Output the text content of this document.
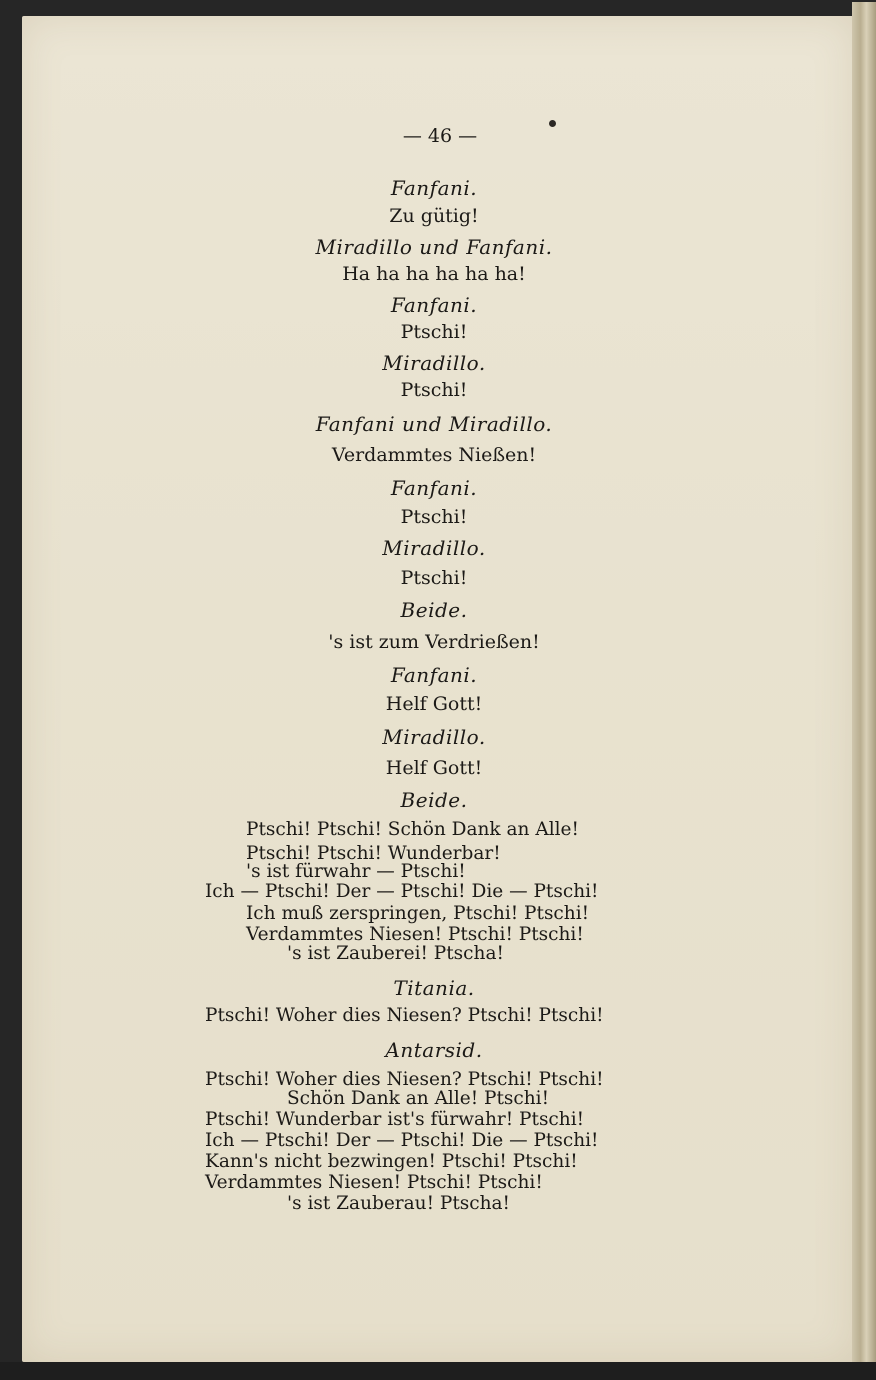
— 46 —
Fanfani.
Zu gütig!
Miradillo und Fanfani.
Ha ha ha ha ha ha!
Fanfani.
Ptschi!
Miradillo.
Ptschi!
Fanfani und Miradillo.
Verdammtes Nießen!
Fanfani.
Ptschi!
Miradillo.
Ptschi!
Beide.
's ist zum Verdrießen!
Fanfani.
Helf Gott!
Miradillo.
Helf Gott!
Beide.
Ptschi! Ptschi! Schön Dank an Alle!
Ptschi! Ptschi! Wunderbar!
's ist fürwahr — Ptschi!
Ich — Ptschi! Der — Ptschi! Die — Ptschi!
Ich muß zerspringen, Ptschi! Ptschi!
Verdammtes Niesen! Ptschi! Ptschi!
's ist Zauberei! Ptscha!
Titania.
Ptschi! Woher dies Niesen? Ptschi! Ptschi!
Antarsid.
Ptschi! Woher dies Niesen? Ptschi! Ptschi!
Schön Dank an Alle! Ptschi!
Ptschi! Wunderbar ist's fürwahr! Ptschi!
Ich — Ptschi! Der — Ptschi! Die — Ptschi!
Kann's nicht bezwingen! Ptschi! Ptschi!
Verdammtes Niesen! Ptschi! Ptschi!
's ist Zauberau! Ptscha!
